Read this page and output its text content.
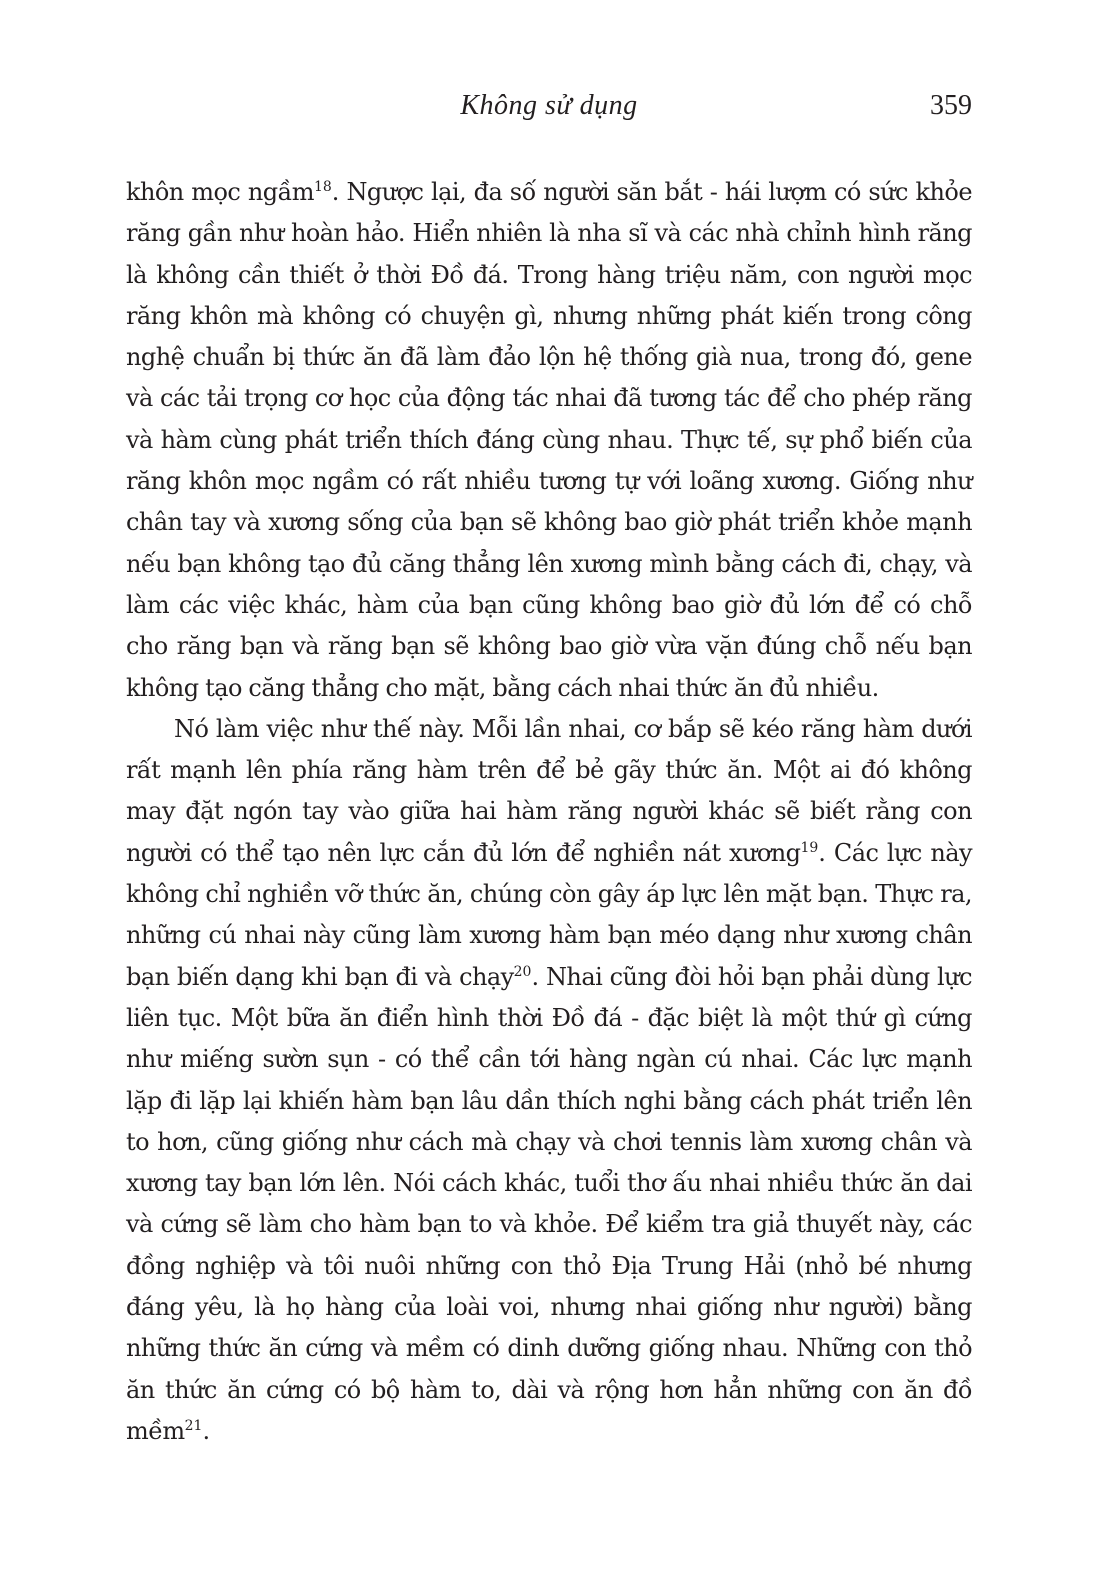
Không sử dụng	359

khôn mọc ngầm$^{18}$. Ngược lại, đa số người săn bắt - hái lượm có sức khỏe răng gần như hoàn hảo. Hiển nhiên là nha sĩ và các nhà chỉnh hình răng là không cần thiết ở thời Đồ đá. Trong hàng triệu năm, con người mọc răng khôn mà không có chuyện gì, nhưng những phát kiến trong công nghệ chuẩn bị thức ăn đã làm đảo lộn hệ thống già nua, trong đó, gene và các tải trọng cơ học của động tác nhai đã tương tác để cho phép răng và hàm cùng phát triển thích đáng cùng nhau. Thực tế, sự phổ biến của răng khôn mọc ngầm có rất nhiều tương tự với loãng xương. Giống như chân tay và xương sống của bạn sẽ không bao giờ phát triển khỏe mạnh nếu bạn không tạo đủ căng thẳng lên xương mình bằng cách đi, chạy, và làm các việc khác, hàm của bạn cũng không bao giờ đủ lớn để có chỗ cho răng bạn và răng bạn sẽ không bao giờ vừa vặn đúng chỗ nếu bạn không tạo căng thẳng cho mặt, bằng cách nhai thức ăn đủ nhiều.

Nó làm việc như thế này. Mỗi lần nhai, cơ bắp sẽ kéo răng hàm dưới rất mạnh lên phía răng hàm trên để bẻ gãy thức ăn. Một ai đó không may đặt ngón tay vào giữa hai hàm răng người khác sẽ biết rằng con người có thể tạo nên lực cắn đủ lớn để nghiền nát xương$^{19}$. Các lực này không chỉ nghiền vỡ thức ăn, chúng còn gây áp lực lên mặt bạn. Thực ra, những cú nhai này cũng làm xương hàm bạn méo dạng như xương chân bạn biến dạng khi bạn đi và chạy$^{20}$. Nhai cũng đòi hỏi bạn phải dùng lực liên tục. Một bữa ăn điển hình thời Đồ đá - đặc biệt là một thứ gì cứng như miếng sườn sụn - có thể cần tới hàng ngàn cú nhai. Các lực mạnh lặp đi lặp lại khiến hàm bạn lâu dần thích nghi bằng cách phát triển lên to hơn, cũng giống như cách mà chạy và chơi tennis làm xương chân và xương tay bạn lớn lên. Nói cách khác, tuổi thơ ấu nhai nhiều thức ăn dai và cứng sẽ làm cho hàm bạn to và khỏe. Để kiểm tra giả thuyết này, các đồng nghiệp và tôi nuôi những con thỏ Địa Trung Hải (nhỏ bé nhưng đáng yêu, là họ hàng của loài voi, nhưng nhai giống như người) bằng những thức ăn cứng và mềm có dinh dưỡng giống nhau. Những con thỏ ăn thức ăn cứng có bộ hàm to, dài và rộng hơn hẳn những con ăn đồ mềm$^{21}$.
